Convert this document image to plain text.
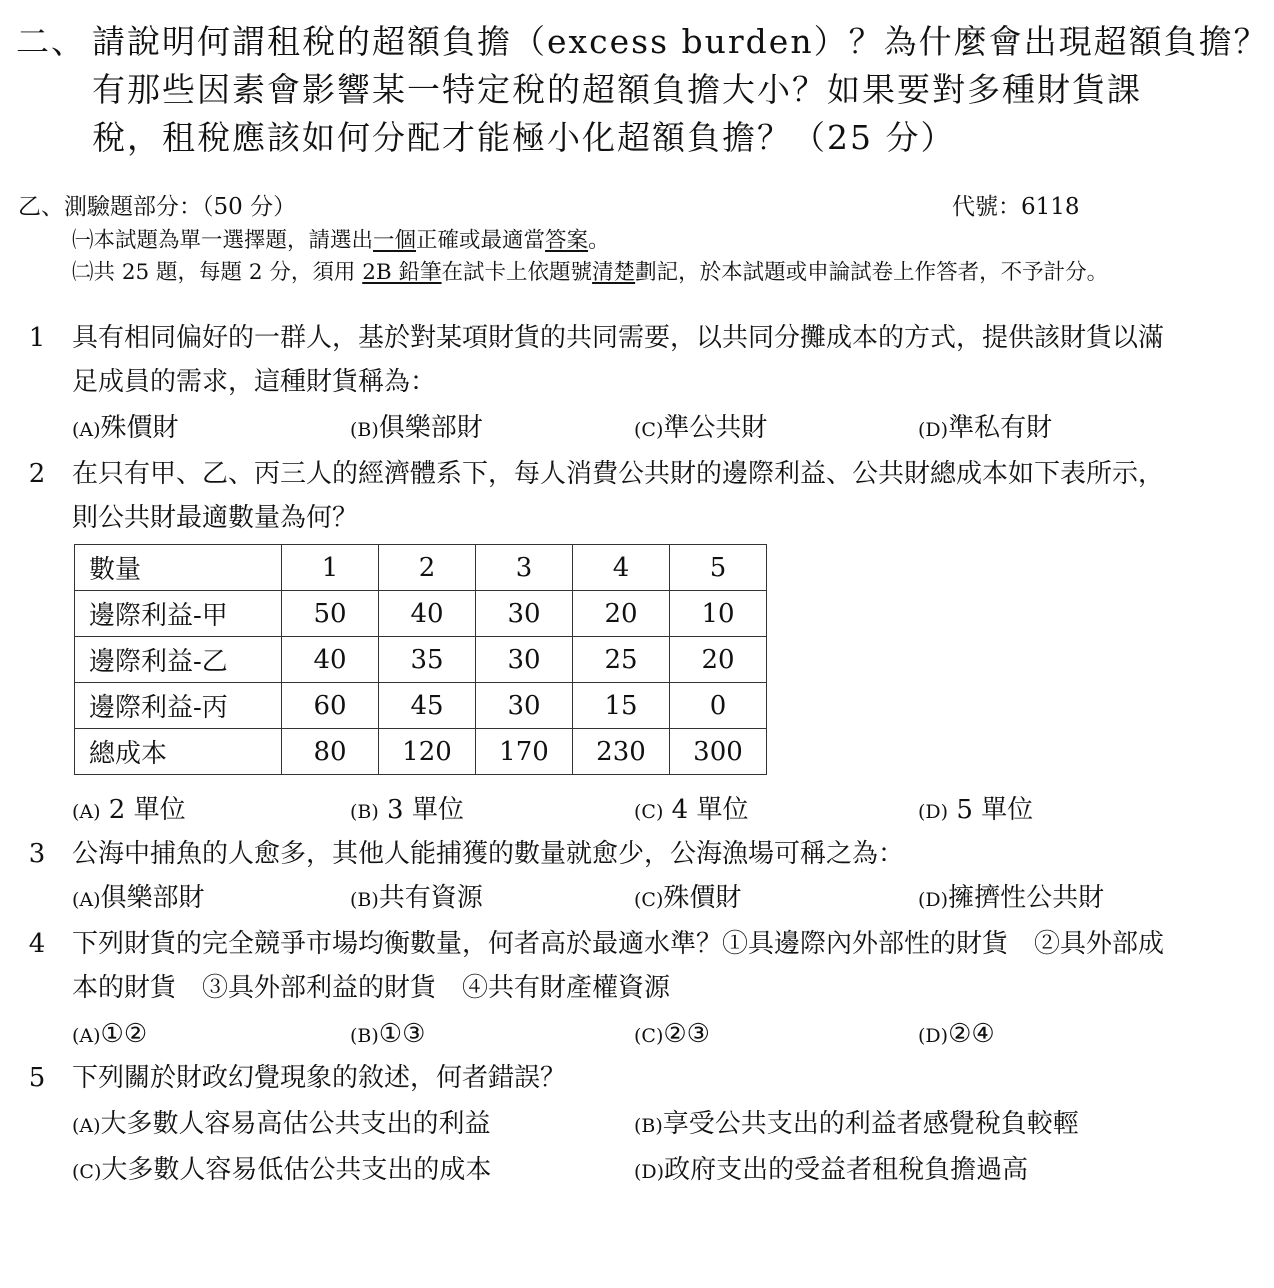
二、 請說明何謂租稅的超額負擔（excess burden）？為什麼會出現超額負擔？
有那些因素會影響某一特定稅的超額負擔大小？如果要對多種財貨課
稅，租稅應該如何分配才能極小化超額負擔？（25 分）
乙、測驗題部分：（50 分）	代號：6118
㈠本試題為單一選擇題，請選出一個正確或最適當答案。
㈡共 25 題，每題 2 分，須用 2B 鉛筆在試卡上依題號清楚劃記，於本試題或申論試卷上作答者，不予計分。
1	具有相同偏好的一群人，基於對某項財貨的共同需要，以共同分攤成本的方式，提供該財貨以滿
足成員的需求，這種財貨稱為：
(A)殊價財	(B)俱樂部財	(C)準公共財	(D)準私有財
2	在只有甲、乙、丙三人的經濟體系下，每人消費公共財的邊際利益、公共財總成本如下表所示，
則公共財最適數量為何？
數量	1	2	3	4	5
邊際利益-甲	50	40	30	20	10
邊際利益-乙	40	35	30	25	20
邊際利益-丙	60	45	30	15	0
總成本	80	120	170	230	300
(A) 2 單位	(B) 3 單位	(C) 4 單位	(D) 5 單位
3	公海中捕魚的人愈多，其他人能捕獲的數量就愈少，公海漁場可稱之為：
(A)俱樂部財	(B)共有資源	(C)殊價財	(D)擁擠性公共財
4	下列財貨的完全競爭市場均衡數量，何者高於最適水準？①具邊際內外部性的財貨　②具外部成
本的財貨　③具外部利益的財貨　④共有財產權資源
(A)①②	(B)①③	(C)②③	(D)②④
5	下列關於財政幻覺現象的敘述，何者錯誤？
(A)大多數人容易高估公共支出的利益	(B)享受公共支出的利益者感覺稅負較輕
(C)大多數人容易低估公共支出的成本	(D)政府支出的受益者租稅負擔過高
